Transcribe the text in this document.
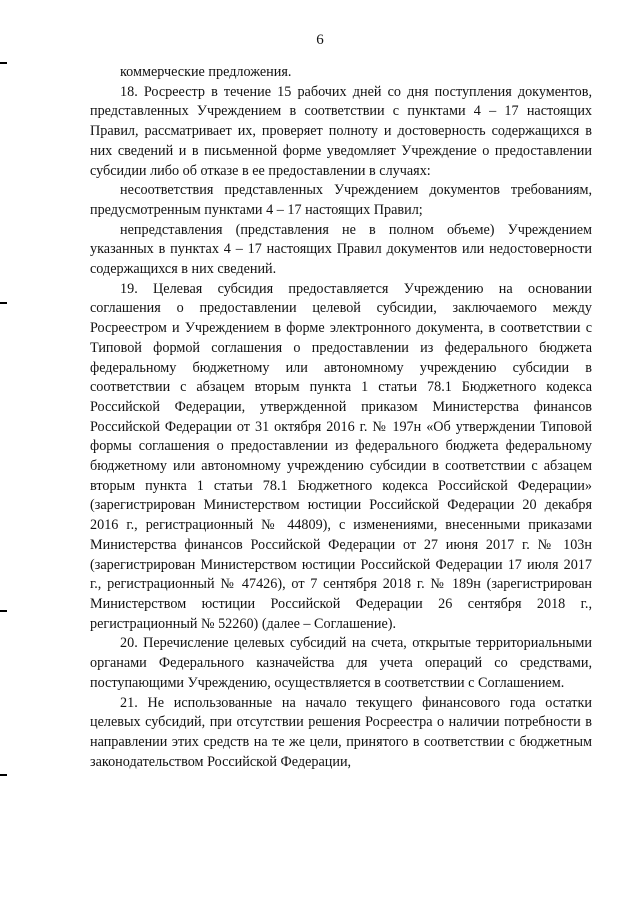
6

коммерческие предложения.

18. Росреестр в течение 15 рабочих дней со дня поступления документов, представленных Учреждением в соответствии с пунктами 4 – 17 настоящих Правил, рассматривает их, проверяет полноту и достоверность содержащихся в них сведений и в письменной форме уведомляет Учреждение о предоставлении субсидии либо об отказе в ее предоставлении в случаях:

несоответствия представленных Учреждением документов требованиям, предусмотренным пунктами 4 – 17 настоящих Правил;

непредставления (представления не в полном объеме) Учреждением указанных в пунктах 4 – 17 настоящих Правил документов или недостоверности содержащихся в них сведений.

19. Целевая субсидия предоставляется Учреждению на основании соглашения о предоставлении целевой субсидии, заключаемого между Росреестром и Учреждением в форме электронного документа, в соответствии с Типовой формой соглашения о предоставлении из федерального бюджета федеральному бюджетному или автономному учреждению субсидии в соответствии с абзацем вторым пункта 1 статьи 78.1 Бюджетного кодекса Российской Федерации, утвержденной приказом Министерства финансов Российской Федерации от 31 октября 2016 г. № 197н «Об утверждении Типовой формы соглашения о предоставлении из федерального бюджета федеральному бюджетному или автономному учреждению субсидии в соответствии с абзацем вторым пункта 1 статьи 78.1 Бюджетного кодекса Российской Федерации» (зарегистрирован Министерством юстиции Российской Федерации 20 декабря 2016 г., регистрационный № 44809), с изменениями, внесенными приказами Министерства финансов Российской Федерации от 27 июня 2017 г. № 103н (зарегистрирован Министерством юстиции Российской Федерации 17 июля 2017 г., регистрационный № 47426), от 7 сентября 2018 г. № 189н (зарегистрирован Министерством юстиции Российской Федерации 26 сентября 2018 г., регистрационный № 52260) (далее – Соглашение).

20. Перечисление целевых субсидий на счета, открытые территориальными органами Федерального казначейства для учета операций со средствами, поступающими Учреждению, осуществляется в соответствии с Соглашением.

21. Не использованные на начало текущего финансового года остатки целевых субсидий, при отсутствии решения Росреестра о наличии потребности в направлении этих средств на те же цели, принятого в соответствии с бюджетным законодательством Российской Федерации,
